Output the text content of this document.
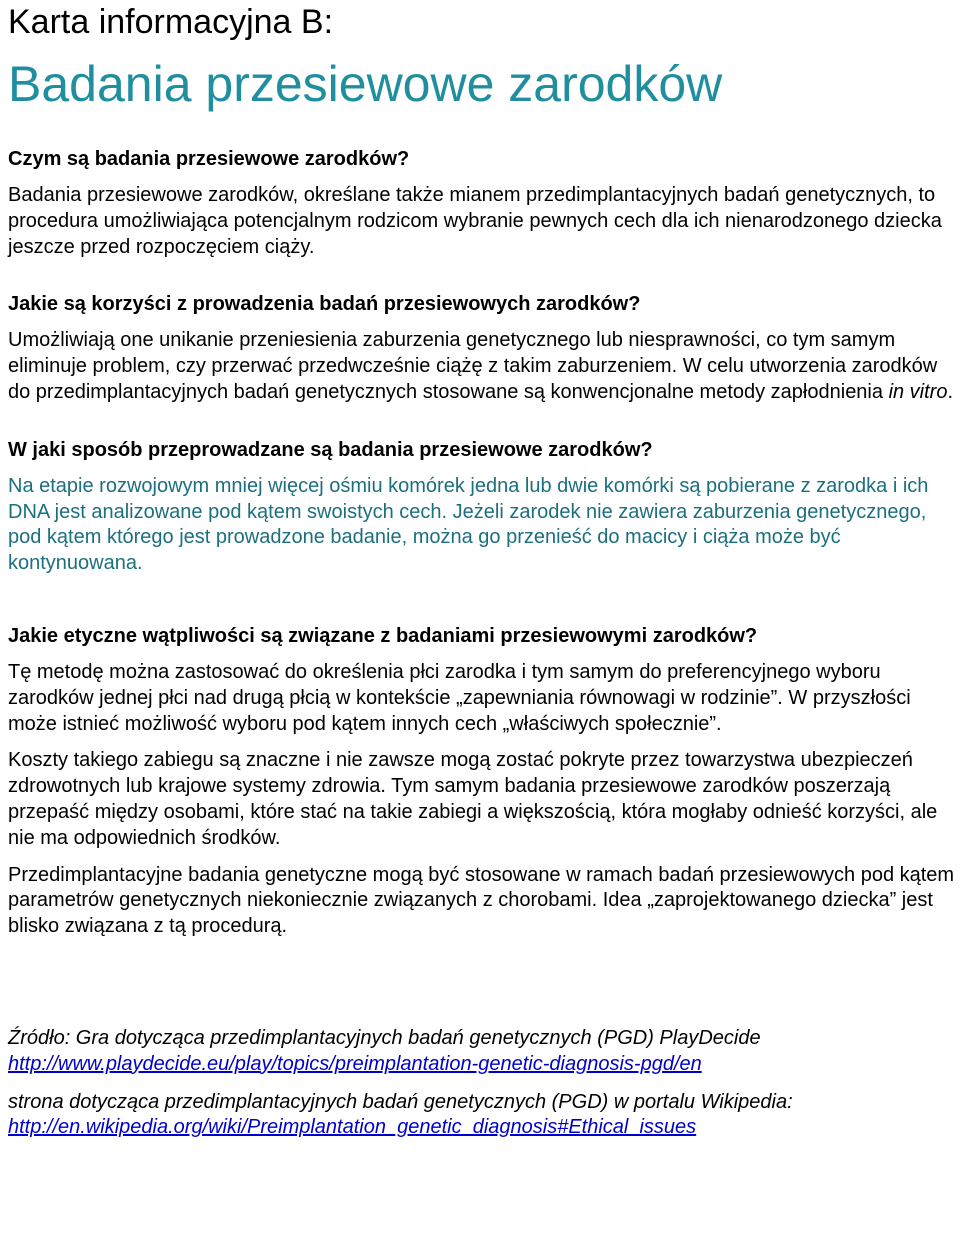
Karta informacyjna B:
Badania przesiewowe zarodków
Czym są badania przesiewowe zarodków?

Badania przesiewowe zarodków, określane także mianem przedimplantacyjnych badań genetycznych, to procedura umożliwiająca potencjalnym rodzicom wybranie pewnych cech dla ich nienarodzonego dziecka jeszcze przed rozpoczęciem ciąży.

Jakie są korzyści z prowadzenia badań przesiewowych zarodków?

Umożliwiają one unikanie przeniesienia zaburzenia genetycznego lub niesprawności, co tym samym eliminuje problem, czy przerwać przedwcześnie ciążę z takim zaburzeniem. W celu utworzenia zarodków do przedimplantacyjnych badań genetycznych stosowane są konwencjonalne metody zapłodnienia in vitro.

W jaki sposób przeprowadzane są badania przesiewowe zarodków?

Na etapie rozwojowym mniej więcej ośmiu komórek jedna lub dwie komórki są pobierane z zarodka i ich DNA jest analizowane pod kątem swoistych cech. Jeżeli zarodek nie zawiera zaburzenia genetycznego, pod kątem którego jest prowadzone badanie, można go przenieść do macicy i ciąża może być kontynuowana.

Jakie etyczne wątpliwości są związane z badaniami przesiewowymi zarodków?

Tę metodę można zastosować do określenia płci zarodka i tym samym do preferencyjnego wyboru zarodków jednej płci nad drugą płcią w kontekście „zapewniania równowagi w rodzinie”. W przyszłości może istnieć możliwość wyboru pod kątem innych cech „właściwych społecznie”.

Koszty takiego zabiegu są znaczne i nie zawsze mogą zostać pokryte przez towarzystwa ubezpieczeń zdrowotnych lub krajowe systemy zdrowia. Tym samym badania przesiewowe zarodków poszerzają przepaść między osobami, które stać na takie zabiegi a większością, która mogłaby odnieść korzyści, ale nie ma odpowiednich środków.

Przedimplantacyjne badania genetyczne mogą być stosowane w ramach badań przesiewowych pod kątem parametrów genetycznych niekoniecznie związanych z chorobami. Idea „zaprojektowanego dziecka” jest blisko związana z tą procedurą.

Źródło: Gra dotycząca przedimplantacyjnych badań genetycznych (PGD) PlayDecide

http://www.playdecide.eu/play/topics/preimplantation-genetic-diagnosis-pgd/en

strona dotycząca przedimplantacyjnych badań genetycznych (PGD) w portalu Wikipedia:

http://en.wikipedia.org/wiki/Preimplantation_genetic_diagnosis#Ethical_issues
